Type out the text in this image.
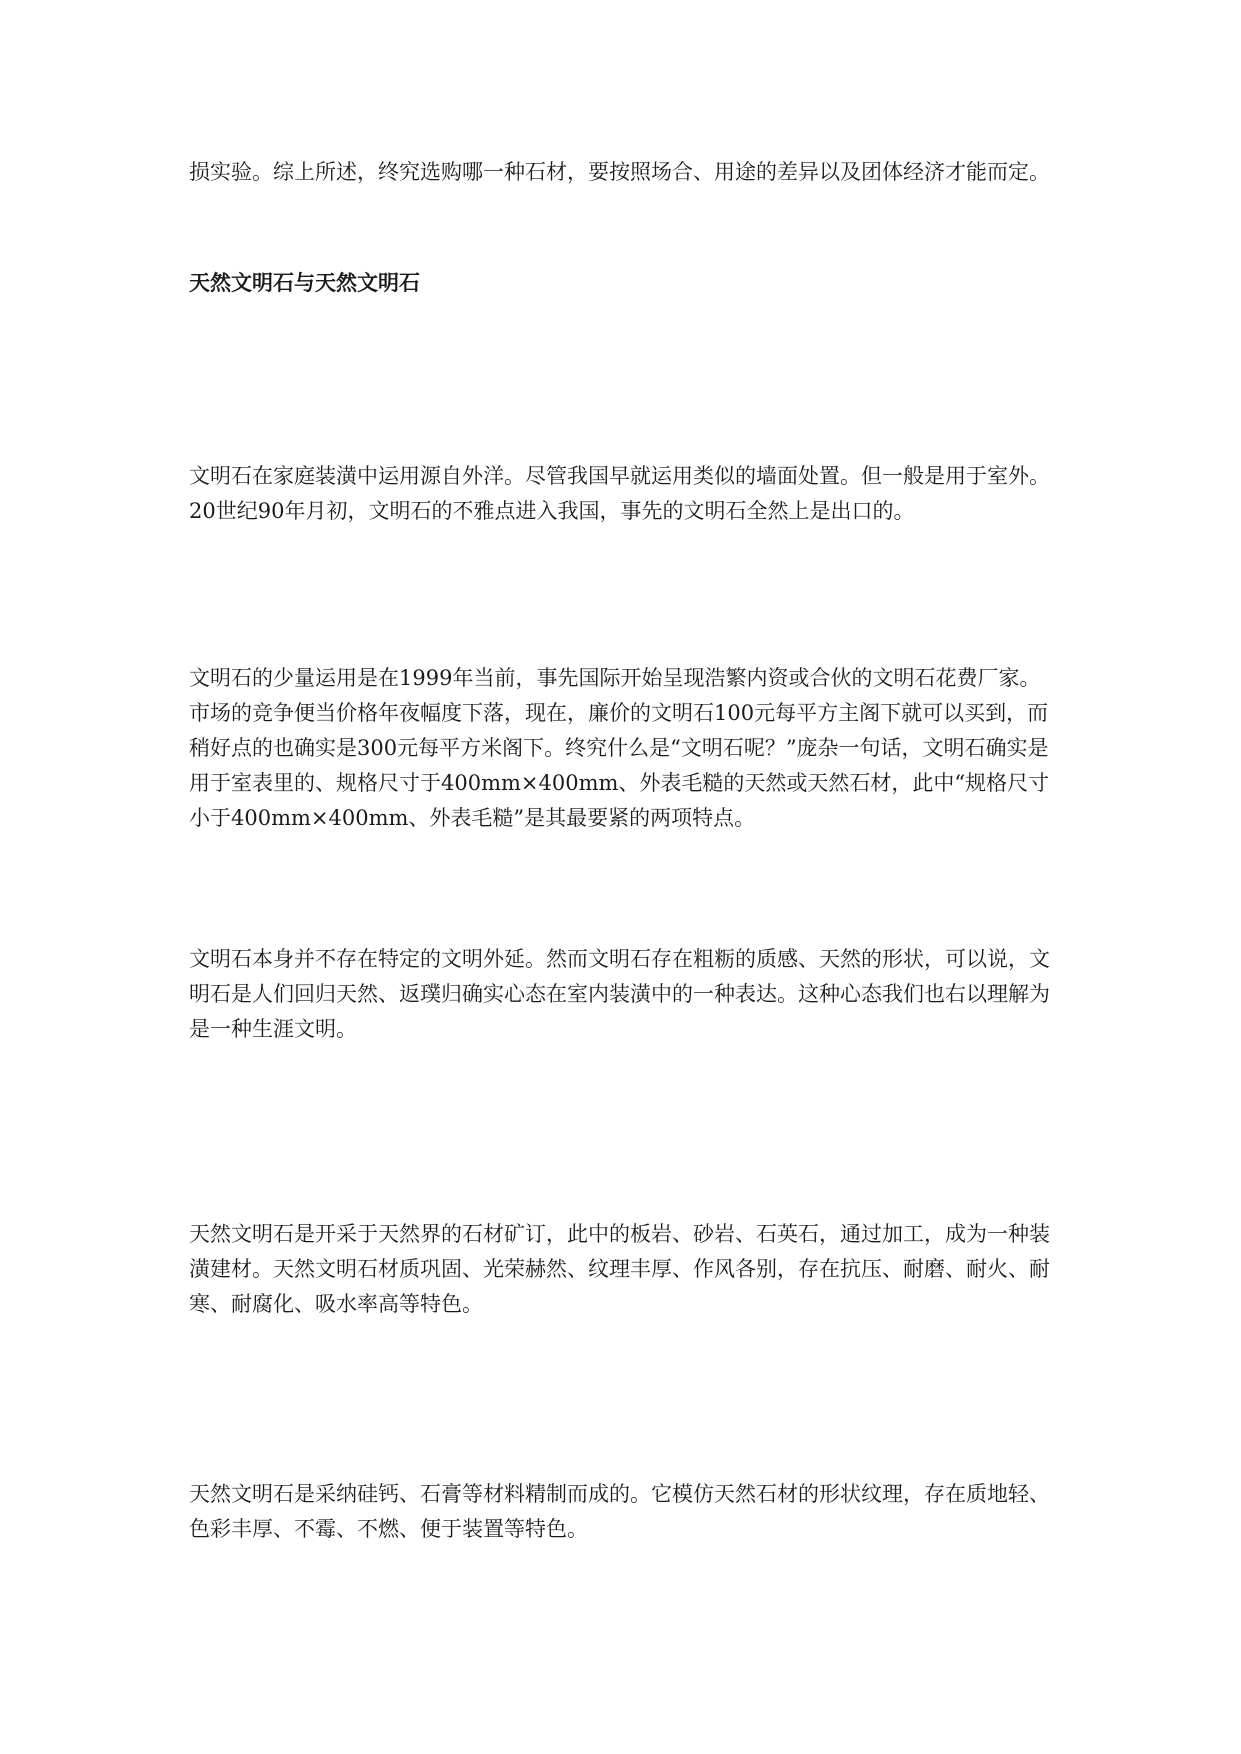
损实验。综上所述，终究选购哪一种石材，要按照场合、用途的差异以及团体经济才能而定。

天然文明石与天然文明石

文明石在家庭装潢中运用源自外洋。尽管我国早就运用类似的墙面处置。但一般是用于室外。20世纪90年月初，文明石的不雅点进入我国，事先的文明石全然上是出口的。

文明石的少量运用是在1999年当前，事先国际开始呈现浩繁内资或合伙的文明石花费厂家。市场的竞争便当价格年夜幅度下落，现在，廉价的文明石100元每平方主阁下就可以买到，而稍好点的也确实是300元每平方米阁下。终究什么是“文明石呢？”庞杂一句话，文明石确实是用于室表里的、规格尺寸于400mm×400mm、外表毛糙的天然或天然石材，此中“规格尺寸小于400mm×400mm、外表毛糙”是其最要紧的两项特点。

文明石本身并不存在特定的文明外延。然而文明石存在粗粝的质感、天然的形状，可以说，文明石是人们回归天然、返璞归确实心态在室内装潢中的一种表达。这种心态我们也右以理解为是一种生涯文明。

天然文明石是开采于天然界的石材矿订，此中的板岩、砂岩、石英石，通过加工，成为一种装潢建材。天然文明石材质巩固、光荣赫然、纹理丰厚、作风各别，存在抗压、耐磨、耐火、耐寒、耐腐化、吸水率高等特色。

天然文明石是采纳硅钙、石膏等材料精制而成的。它模仿天然石材的形状纹理，存在质地轻、色彩丰厚、不霉、不燃、便于装置等特色。
